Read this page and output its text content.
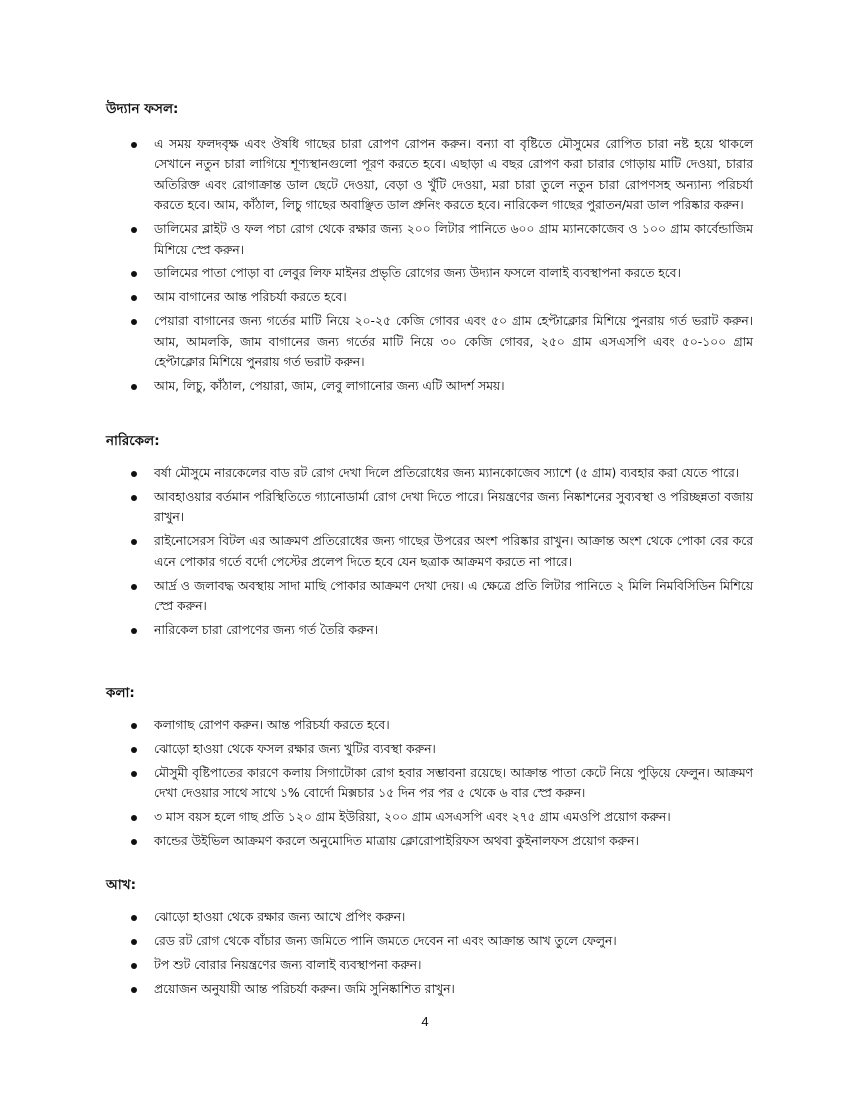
উদ্যান ফসল:
এ সময় ফলদবৃক্ষ এবং ঔষধি গাছের চারা রোপণ রোপন করুন। বন্যা বা বৃষ্টিতে মৌসুমের রোপিত চারা নষ্ট হয়ে থাকলে সেখানে নতুন চারা লাগিয়ে শূণ্যস্থানগুলো পূরণ করতে হবে। এছাড়া এ বছর রোপণ করা চারার গোড়ায় মাটি দেওয়া, চারার অতিরিক্ত এবং রোগাক্রান্ত ডাল ছেটে দেওয়া, বেড়া ও খুঁটি দেওয়া, মরা চারা তুলে নতুন চারা রোপণসহ অন্যান্য পরিচর্যা করতে হবে। আম, কাঁঠাল, লিচু গাছের অবাঞ্ছিত ডাল প্রুনিং করতে হবে। নারিকেল গাছের পুরাতন/মরা ডাল পরিষ্কার করুন।
ডালিমের ব্লাইট ও ফল পচা রোগ থেকে রক্ষার জন্য ২০০ লিটার পানিতে ৬০০ গ্রাম ম্যানকোজেব ও ১০০ গ্রাম কার্বেন্ডাজিম মিশিয়ে স্প্রে করুন।
ডালিমের পাতা পোড়া বা লেবুর লিফ মাইনর প্রভৃতি রোগের জন্য উদ্যান ফসলে বালাই ব্যবস্থাপনা করতে হবে।
আম বাগানের আন্ত পরিচর্যা করতে হবে।
পেয়ারা বাগানের জন্য গর্তের মাটি নিয়ে ২০-২৫ কেজি গোবর এবং ৫০ গ্রাম হেপ্টাক্লোর মিশিয়ে পুনরায় গর্ত ভরাট করুন। আম, আমলকি, জাম বাগানের জন্য গর্তের মাটি নিয়ে ৩০ কেজি গোবর, ২৫০ গ্রাম এসএসপি এবং ৫০-১০০ গ্রাম হেপ্টাক্লোর মিশিয়ে পুনরায় গর্ত ভরাট করুন।
আম, লিচু, কাঁঠাল, পেয়ারা, জাম, লেবু লাগানোর জন্য এটি আদর্শ সময়।
নারিকেল:
বর্ষা মৌসুমে নারকেলের বাড রট রোগ দেখা দিলে প্রতিরোধের জন্য ম্যানকোজেব স্যাশে (৫ গ্রাম) ব্যবহার করা যেতে পারে।
আবহাওয়ার বর্তমান পরিস্থিতিতে গ্যানোডার্মা রোগ দেখা দিতে পারে। নিয়ন্ত্রণের জন্য নিষ্কাশনের সুব্যবস্থা ও পরিচ্ছন্নতা বজায় রাখুন।
রাইনোসেরস বিটল এর আক্রমণ প্রতিরোধের জন্য গাছের উপরের অংশ পরিষ্কার রাখুন। আক্রান্ত অংশ থেকে পোকা বের করে এনে পোকার গর্তে বর্দো পেস্টের প্রলেপ দিতে হবে যেন ছত্রাক আক্রমণ করতে না পারে।
আর্দ্র ও জলাবদ্ধ অবস্থায় সাদা মাছি পোকার আক্রমণ দেখা দেয়। এ ক্ষেত্রে প্রতি লিটার পানিতে ২ মিলি নিমবিসিডিন মিশিয়ে স্প্রে করুন।
নারিকেল চারা রোপণের জন্য গর্ত তৈরি করুন।
কলা:
কলাগাছ রোপণ করুন। আন্ত পরিচর্যা করতে হবে।
ঝোড়ো হাওয়া থেকে ফসল রক্ষার জন্য খুটির ব্যবস্থা করুন।
মৌসুমী বৃষ্টিপাতের কারণে কলায় সিগাটোকা রোগ হবার সম্ভাবনা রয়েছে। আক্রান্ত পাতা কেটে নিয়ে পুড়িয়ে ফেলুন। আক্রমণ দেখা দেওয়ার সাথে সাথে ১% বোর্দো মিক্সচার ১৫ দিন পর পর ৫ থেকে ৬ বার স্প্রে করুন।
৩ মাস বয়স হলে গাছ প্রতি ১২০ গ্রাম ইউরিয়া, ২০০ গ্রাম এসএসপি এবং ২৭৫ গ্রাম এমওপি প্রয়োগ করুন।
কান্ডের উইভিল আক্রমণ করলে অনুমোদিত মাত্রায় ক্লোরোপাইরিফস অথবা কুইনালফস প্রয়োগ করুন।
আখ:
ঝোড়ো হাওয়া থেকে রক্ষার জন্য আখে প্রপিং করুন।
রেড রট রোগ থেকে বাঁচার জন্য জমিতে পানি জমতে দেবেন না এবং আক্রান্ত আখ তুলে ফেলুন।
টপ শুট বোরার নিয়ন্ত্রণের জন্য বালাই ব্যবস্থাপনা করুন।
প্রয়োজন অনুযায়ী আন্ত পরিচর্যা করুন। জমি সুনিষ্কাশিত রাখুন।
4
